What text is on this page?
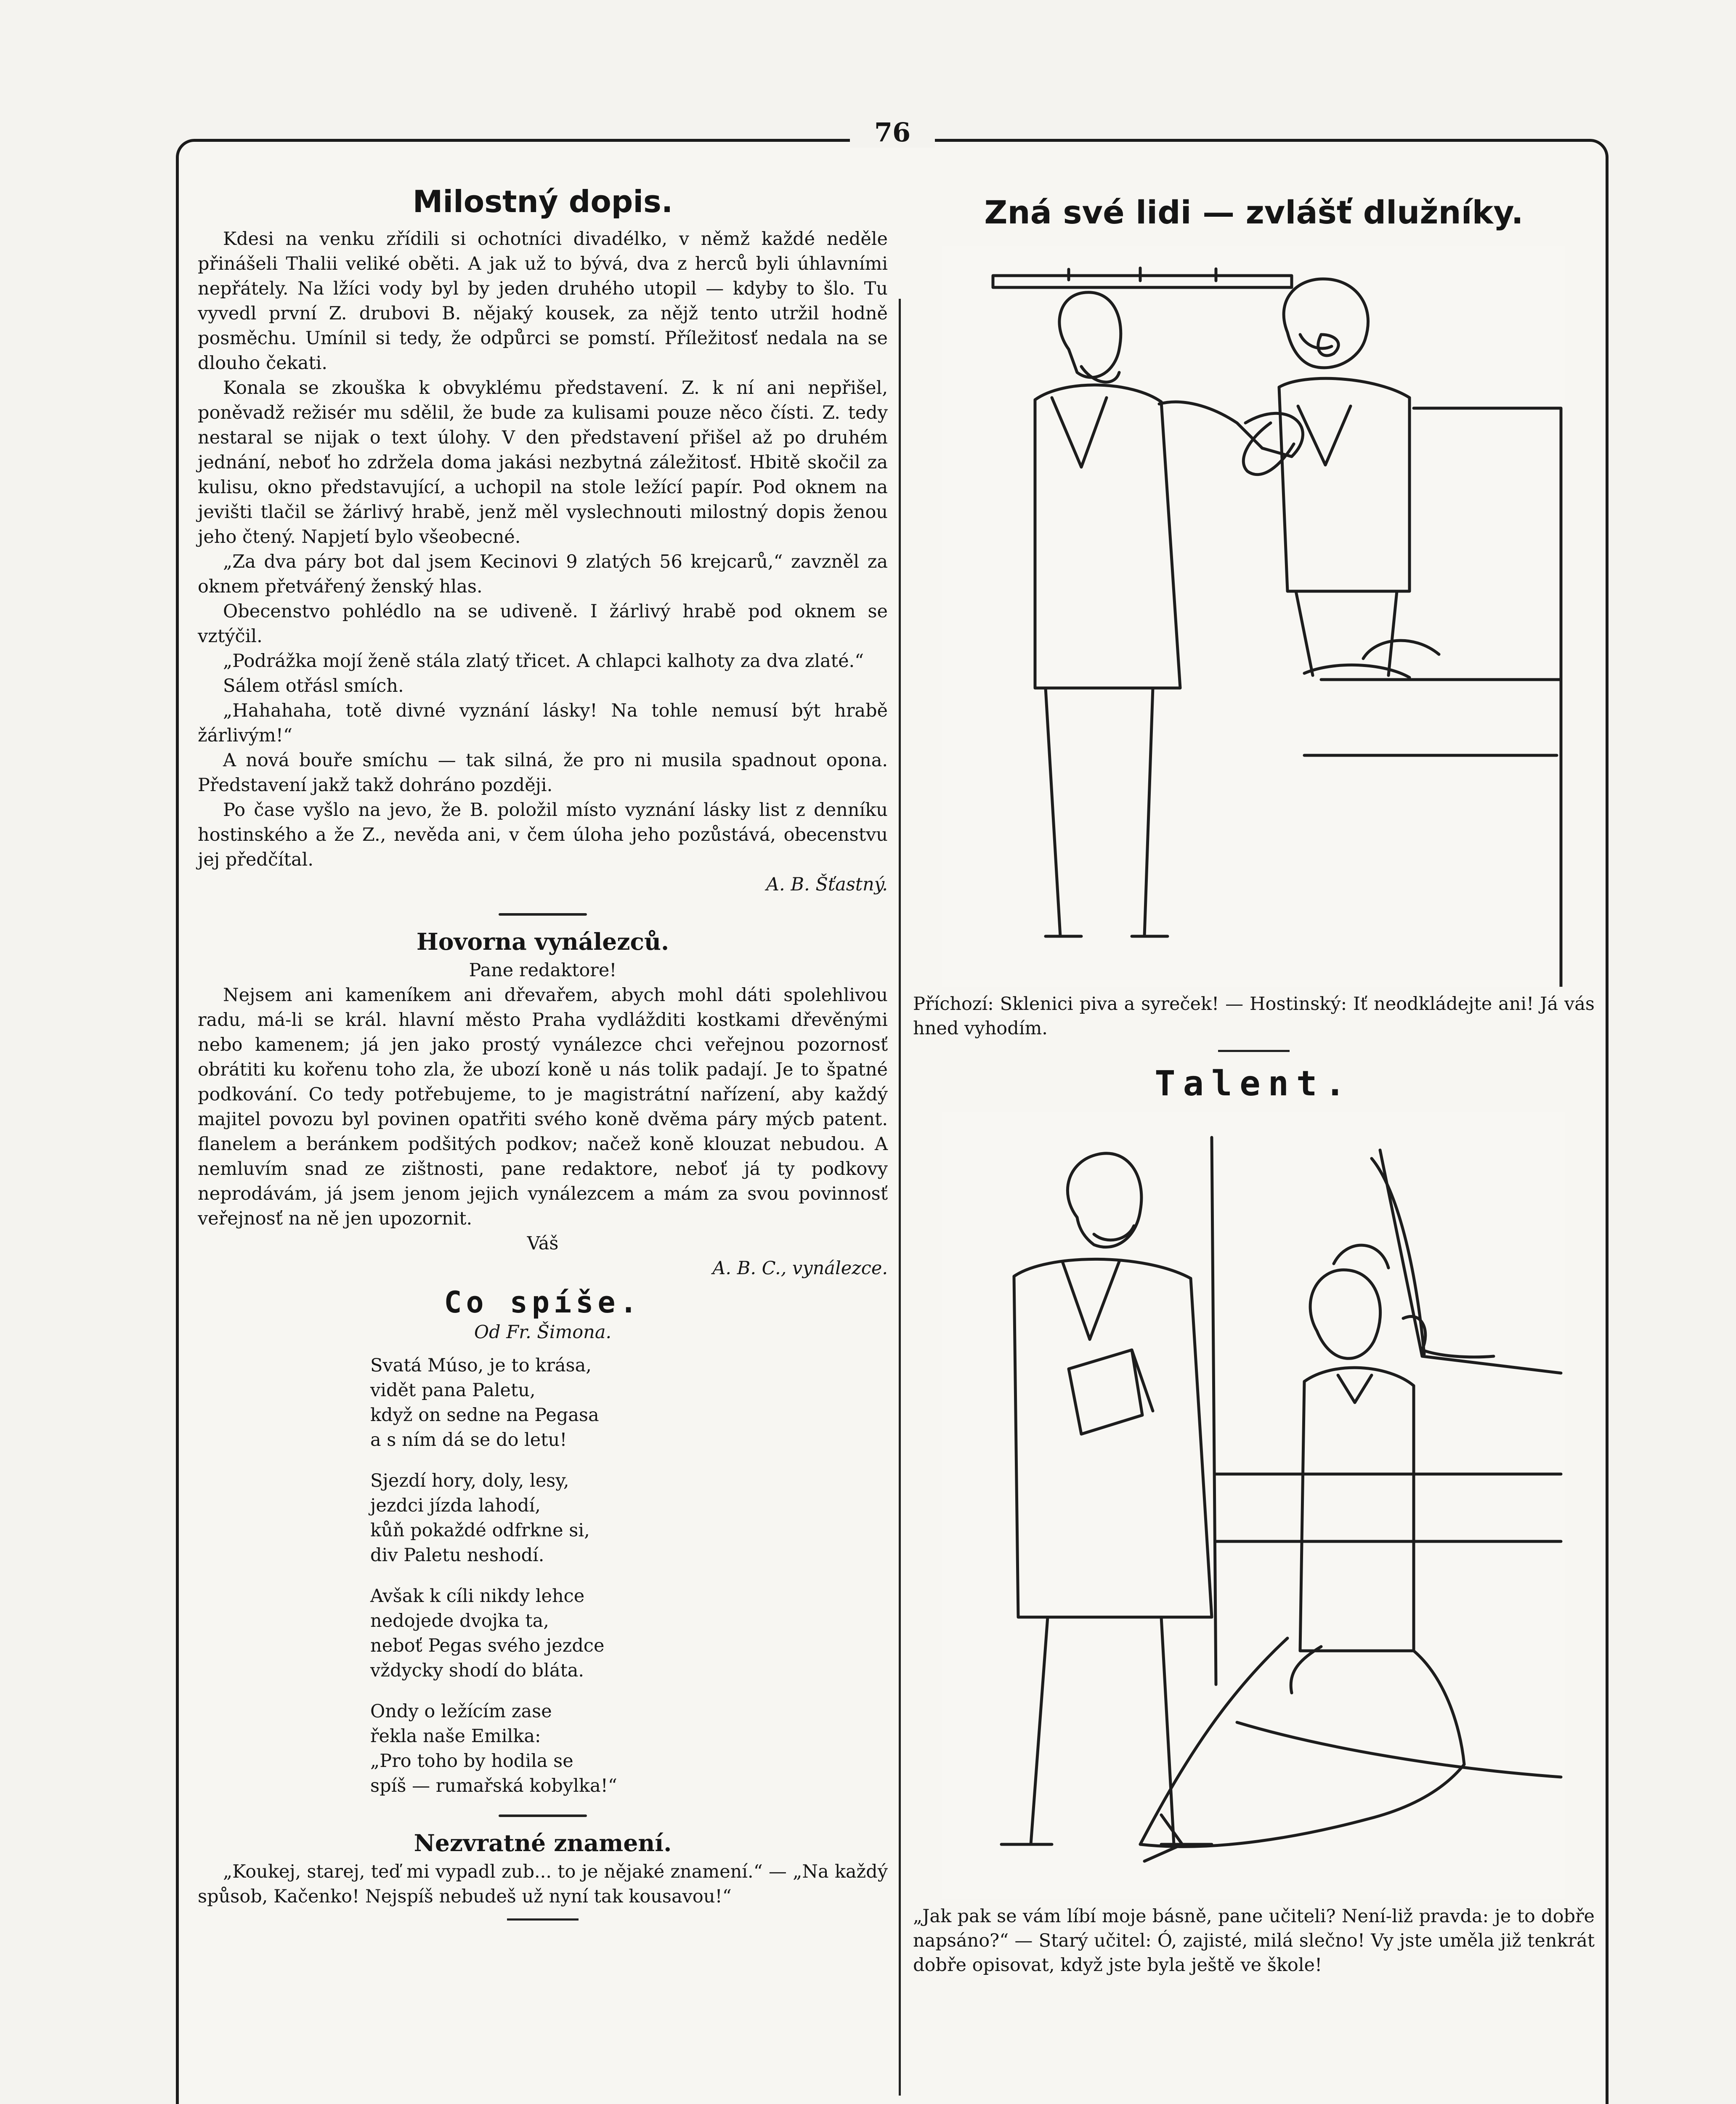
76
Milostný dopis.

Kdesi na venku zřídili si ochotníci divadélko, v němž každé neděle přinášeli Thalii veliké oběti. A jak už to bývá, dva z herců byli úhlavními nepřátely. Na lžíci vody byl by jeden druhého utopil — kdyby to šlo. Tu vyvedl první Z. drubovi B. nějaký kousek, za nějž tento utržil hodně posměchu. Umínil si tedy, že odpůrci se pomstí. Příležitosť nedala na se dlouho čekati.

Konala se zkouška k obvyklému představení. Z. k ní ani nepřišel, poněvadž režisér mu sdělil, že bude za kulisami pouze něco čísti. Z. tedy nestaral se nijak o text úlohy. V den představení přišel až po druhém jednání, neboť ho zdržela doma jakási nezbytná záležitosť. Hbitě skočil za kulisu, okno představující, a uchopil na stole ležící papír. Pod oknem na jevišti tlačil se žárlivý hrabě, jenž měl vyslechnouti milostný dopis ženou jeho čtený. Napjetí bylo všeobecné.

„Za dva páry bot dal jsem Kecinovi 9 zlatých 56 krejcarů,“ zavzněl za oknem přetvářený ženský hlas.

Obecenstvo pohlédlo na se udiveně. I žárlivý hrabě pod oknem se vztýčil.

„Podrážka mojí ženě stála zlatý třicet. A chlapci kalhoty za dva zlaté.“

Sálem otřásl smích.

„Hahahaha, totě divné vyznání lásky! Na tohle nemusí být hrabě žárlivým!“

A nová bouře smíchu — tak silná, že pro ni musila spadnout opona. Představení jakž takž dohráno později.

Po čase vyšlo na jevo, že B. položil místo vyznání lásky list z denníku hostinského a že Z., nevěda ani, v čem úloha jeho pozůstává, obecenstvu jej předčítal.

A. B. Šťastný.

Hovorna vynálezců.

Pane redaktore!

Nejsem ani kameníkem ani dřevařem, abych mohl dáti spolehlivou radu, má-li se král. hlavní město Praha vydlážditi kostkami dřevěnými nebo kamenem; já jen jako prostý vynálezce chci veřejnou pozornosť obrátiti ku kořenu toho zla, že ubozí koně u nás tolik padají. Je to špatné podkování. Co tedy potřebujeme, to je magistrátní nařízení, aby každý majitel povozu byl povinen opatřiti svého koně dvěma páry mýcb patent. flanelem a beránkem podšitých podkov; načež koně klouzat nebudou. A nemluvím snad ze zištnosti, pane redaktore, neboť já ty podkovy neprodávám, já jsem jenom jejich vynálezcem a mám za svou povinnosť veřejnosť na ně jen upozornit.

Váš

A. B. C., vynálezce.

Co spíše.

Od Fr. Šimona.

Svatá Múso, je to krása,
vidět pana Paletu,
když on sedne na Pegasa
a s ním dá se do letu!
Sjezdí hory, doly, lesy,
jezdci jízda lahodí,
kůň pokaždé odfrkne si,
div Paletu neshodí.
Avšak k cíli nikdy lehce
nedojede dvojka ta,
neboť Pegas svého jezdce
vždycky shodí do bláta.
Ondy o ležícím zase
řekla naše Emilka:
„Pro toho by hodila se
spíš — rumařská kobylka!“
Nezvratné znamení.

„Koukej, starej, teď mi vypadl zub... to je nějaké znamení.“ — „Na každý spůsob, Kačenko! Nejspíš nebudeš už nyní tak kousavou!“

Zná své lidi — zvlášť dlužníky.

Příchozí: Sklenici piva a syreček! — Hostinský: Iť neodkládejte ani! Já vás hned vyhodím.

Talent.

„Jak pak se vám líbí moje básně, pane učiteli? Není-liž pravda: je to dobře napsáno?“ — Starý učitel: Ó, zajisté, milá slečno! Vy jste uměla již tenkrát dobře opisovat, když jste byla ještě ve škole!
